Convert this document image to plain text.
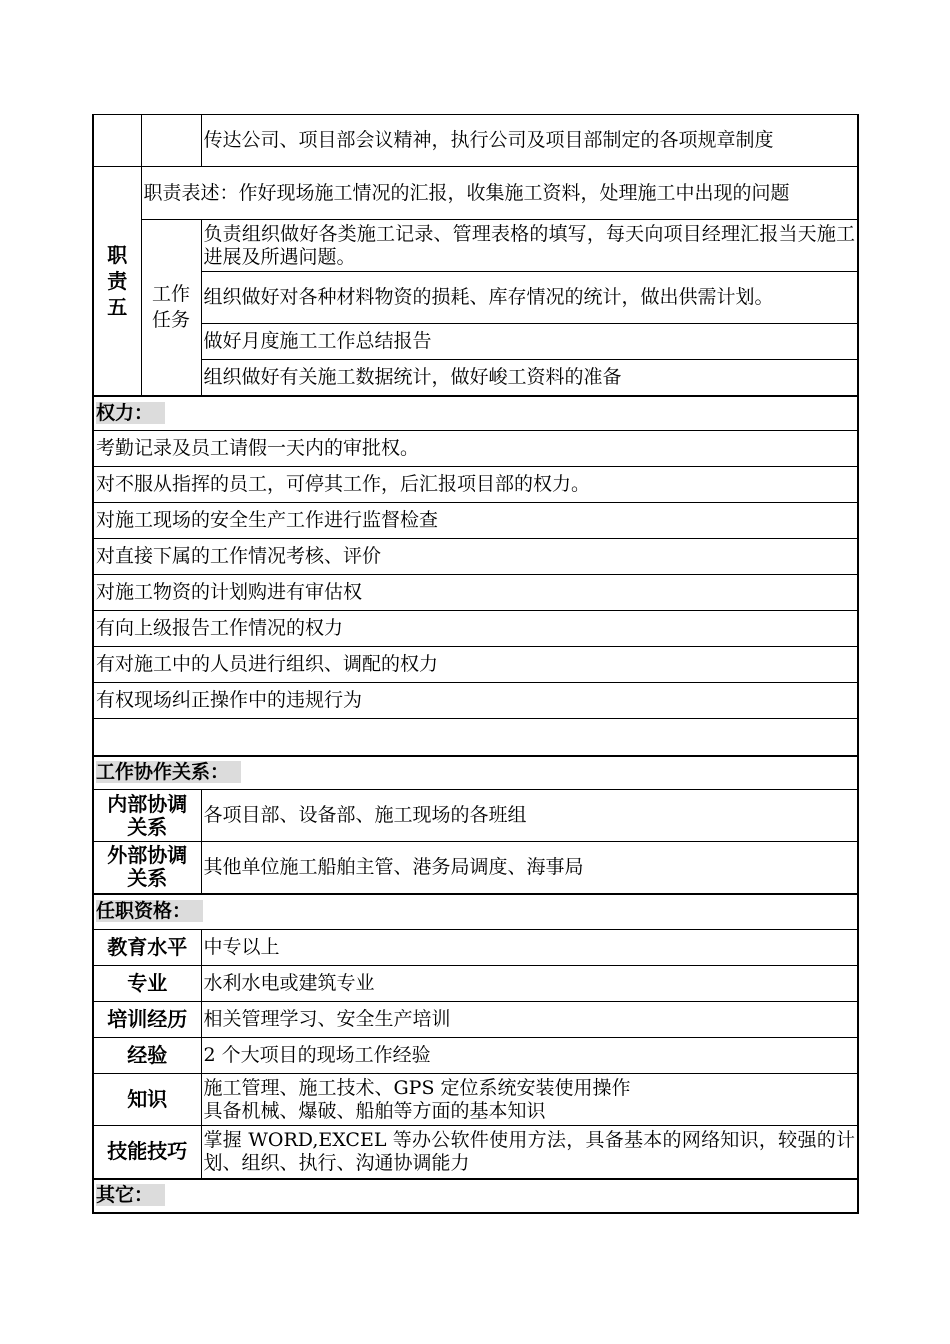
		传达公司、项目部会议精神，执行公司及项目部制定的各项规章制度
职
责
五	职责表述：作好现场施工情况的汇报，收集施工资料，处理施工中出现的问题	
	工作
任务	负责组织做好各类施工记录、管理表格的填写，每天向项目经理汇报当天施工进展及所遇问题。
		组织做好对各种材料物资的损耗、库存情况的统计，做出供需计划。
		做好月度施工工作总结报告
		组织做好有关施工数据统计，做好峻工资料的准备
权力：		
考勤记录及员工请假一天内的审批权。		
对不服从指挥的员工，可停其工作，后汇报项目部的权力。		
对施工现场的安全生产工作进行监督检查		
对直接下属的工作情况考核、评价		
对施工物资的计划购进有审估权		
有向上级报告工作情况的权力		
有对施工中的人员进行组织、调配的权力		
有权现场纠正操作中的违规行为		

工作协作关系：		
内部协调
关系		各项目部、设备部、施工现场的各班组
外部协调
关系		其他单位施工船舶主管、港务局调度、海事局
任职资格：		
教育水平		中专以上
专业		水利水电或建筑专业
培训经历		相关管理学习、安全生产培训
经验		2 个大项目的现场工作经验
知识		施工管理、施工技术、GPS 定位系统安装使用操作
具备机械、爆破、船舶等方面的基本知识
技能技巧		掌握 WORD,EXCEL 等办公软件使用方法，具备基本的网络知识，较强的计划、组织、执行、沟通协调能力
其它：		
